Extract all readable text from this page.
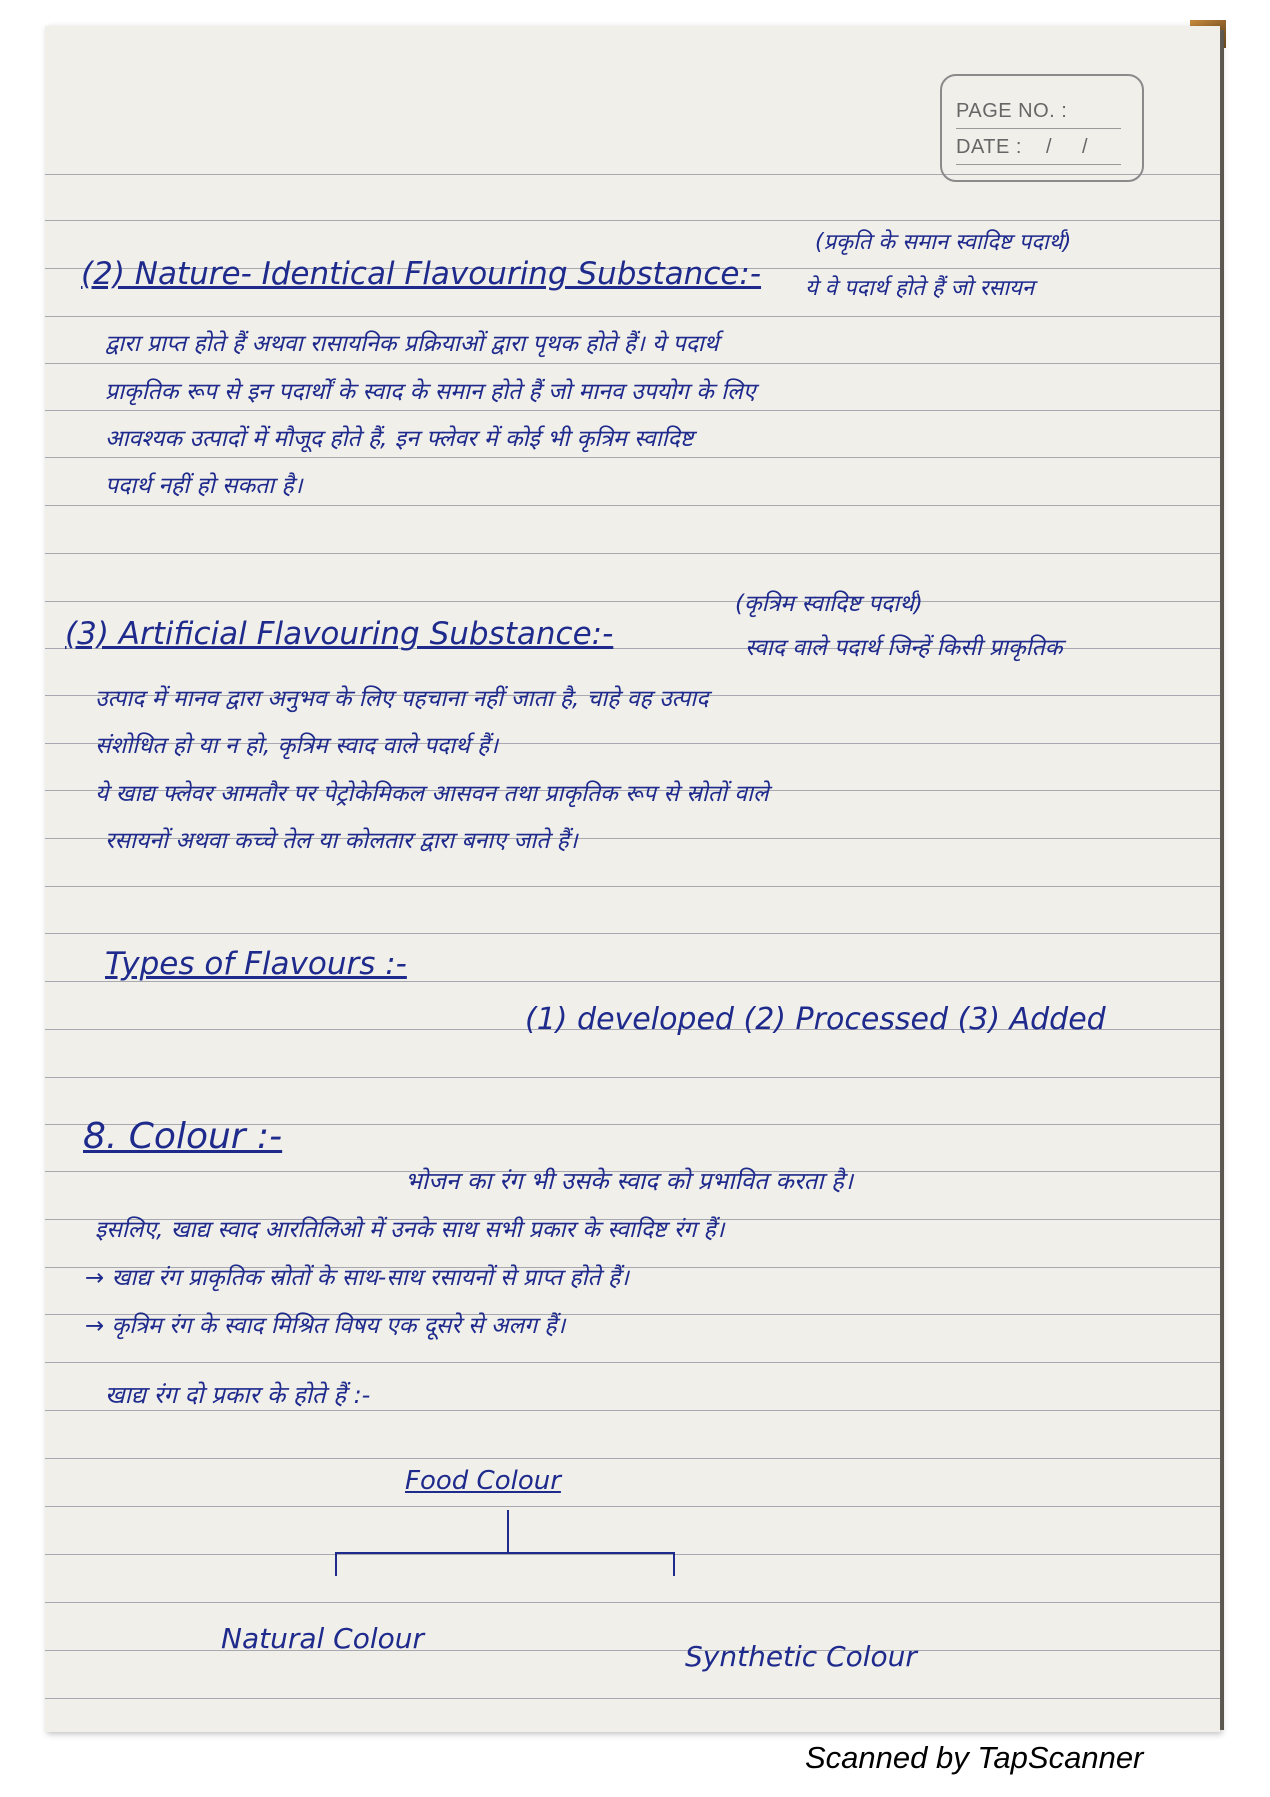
PAGE NO. :
DATE : / /
(प्रकृति के समान स्वादिष्ट पदार्थ)
(2) Nature- Identical Flavouring Substance:- ये वे पदार्थ होते हैं जो रसायन
द्वारा प्राप्त होते हैं अथवा रासायनिक प्रक्रियाओं द्वारा पृथक होते हैं। ये पदार्थ
प्राकृतिक रूप से इन पदार्थों के स्वाद के समान होते हैं जो मानव उपयोग के लिए
आवश्यक उत्पादों में मौजूद होते हैं, इन फ्लेवर में कोई भी कृत्रिम स्वादिष्ट
पदार्थ नहीं हो सकता है।
(कृत्रिम स्वादिष्ट पदार्थ)
(3) Artificial Flavouring Substance:-	स्वाद वाले पदार्थ जिन्हें किसी प्राकृतिक
उत्पाद में मानव द्वारा अनुभव के लिए पहचाना नहीं जाता है, चाहे वह उत्पाद
संशोधित हो या न हो, कृत्रिम स्वाद वाले पदार्थ हैं।
ये खाद्य फ्लेवर आमतौर पर पेट्रोकेमिकल आसवन तथा प्राकृतिक रूप से स्रोतों वाले
रसायनों अथवा कच्चे तेल या कोलतार द्वारा बनाए जाते हैं।
Types of Flavours :-
(1) developed (2) Processed (3) Added
8. Colour :-
भोजन का रंग भी उसके स्वाद को प्रभावित करता है।
इसलिए, खाद्य स्वाद आरतिलिओ में उनके साथ सभी प्रकार के स्वादिष्ट रंग हैं।
→ खाद्य रंग प्राकृतिक स्रोतों के साथ-साथ रसायनों से प्राप्त होते हैं।
→ कृत्रिम रंग के स्वाद मिश्रित विषय एक दूसरे से अलग हैं।
खाद्य रंग दो प्रकार के होते हैं :-
Food Colour
Natural Colour
Synthetic Colour
Scanned by TapScanner
